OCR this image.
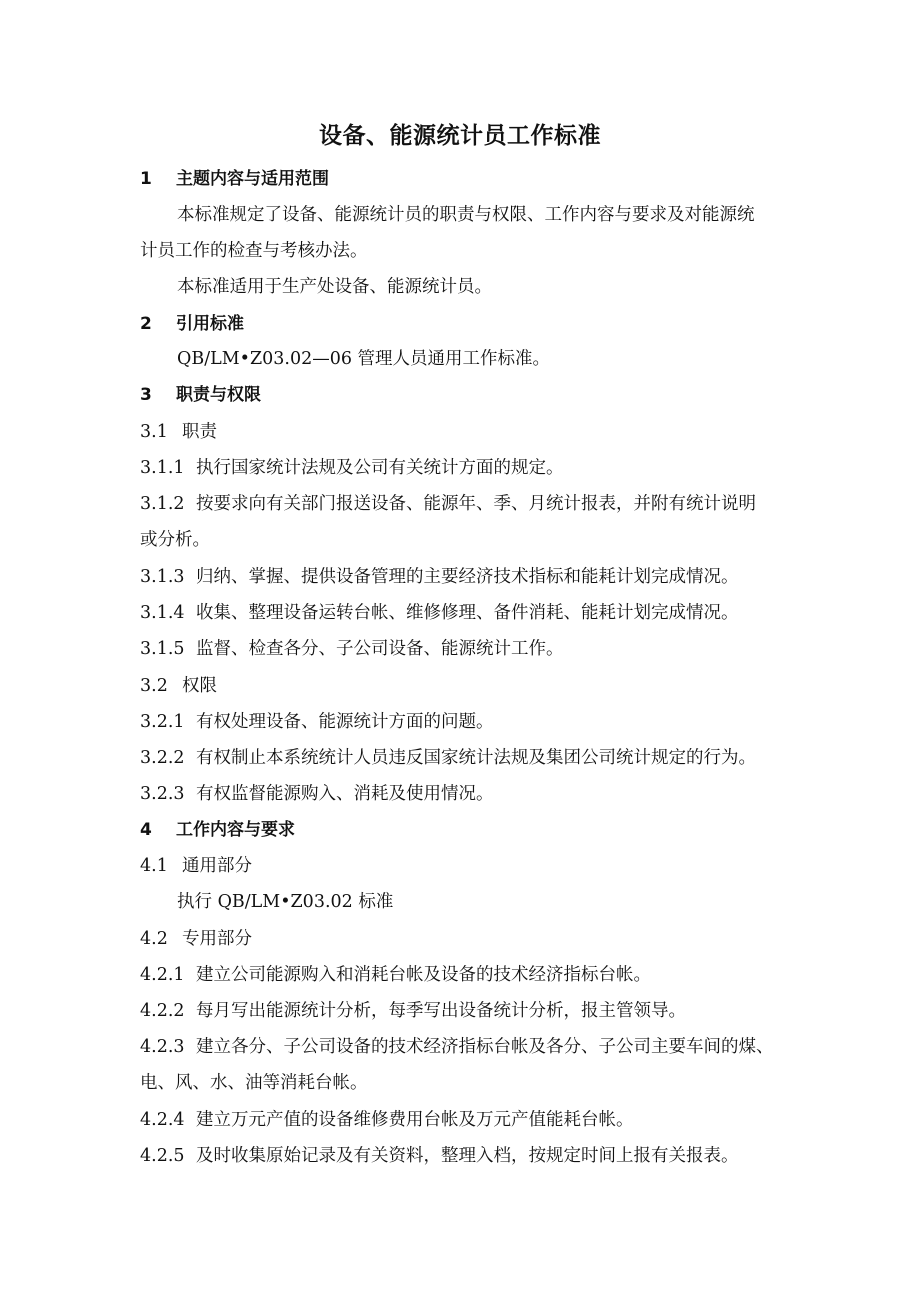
设备、能源统计员工作标准
1 主题内容与适用范围
本标准规定了设备、能源统计员的职责与权限、工作内容与要求及对能源统
计员工作的检查与考核办法。
本标准适用于生产处设备、能源统计员。
2 引用标准
QB/LM•Z03.02—06 管理人员通用工作标准。
3 职责与权限
3.1 职责
3.1.1 执行国家统计法规及公司有关统计方面的规定。
3.1.2 按要求向有关部门报送设备、能源年、季、月统计报表，并附有统计说明
或分析。
3.1.3 归纳、掌握、提供设备管理的主要经济技术指标和能耗计划完成情况。
3.1.4 收集、整理设备运转台帐、维修修理、备件消耗、能耗计划完成情况。
3.1.5 监督、检查各分、子公司设备、能源统计工作。
3.2 权限
3.2.1 有权处理设备、能源统计方面的问题。
3.2.2 有权制止本系统统计人员违反国家统计法规及集团公司统计规定的行为。
3.2.3 有权监督能源购入、消耗及使用情况。
4 工作内容与要求
4.1 通用部分
执行 QB/LM•Z03.02 标准
4.2 专用部分
4.2.1 建立公司能源购入和消耗台帐及设备的技术经济指标台帐。
4.2.2 每月写出能源统计分析，每季写出设备统计分析，报主管领导。
4.2.3 建立各分、子公司设备的技术经济指标台帐及各分、子公司主要车间的煤、
电、风、水、油等消耗台帐。
4.2.4 建立万元产值的设备维修费用台帐及万元产值能耗台帐。
4.2.5 及时收集原始记录及有关资料，整理入档，按规定时间上报有关报表。
